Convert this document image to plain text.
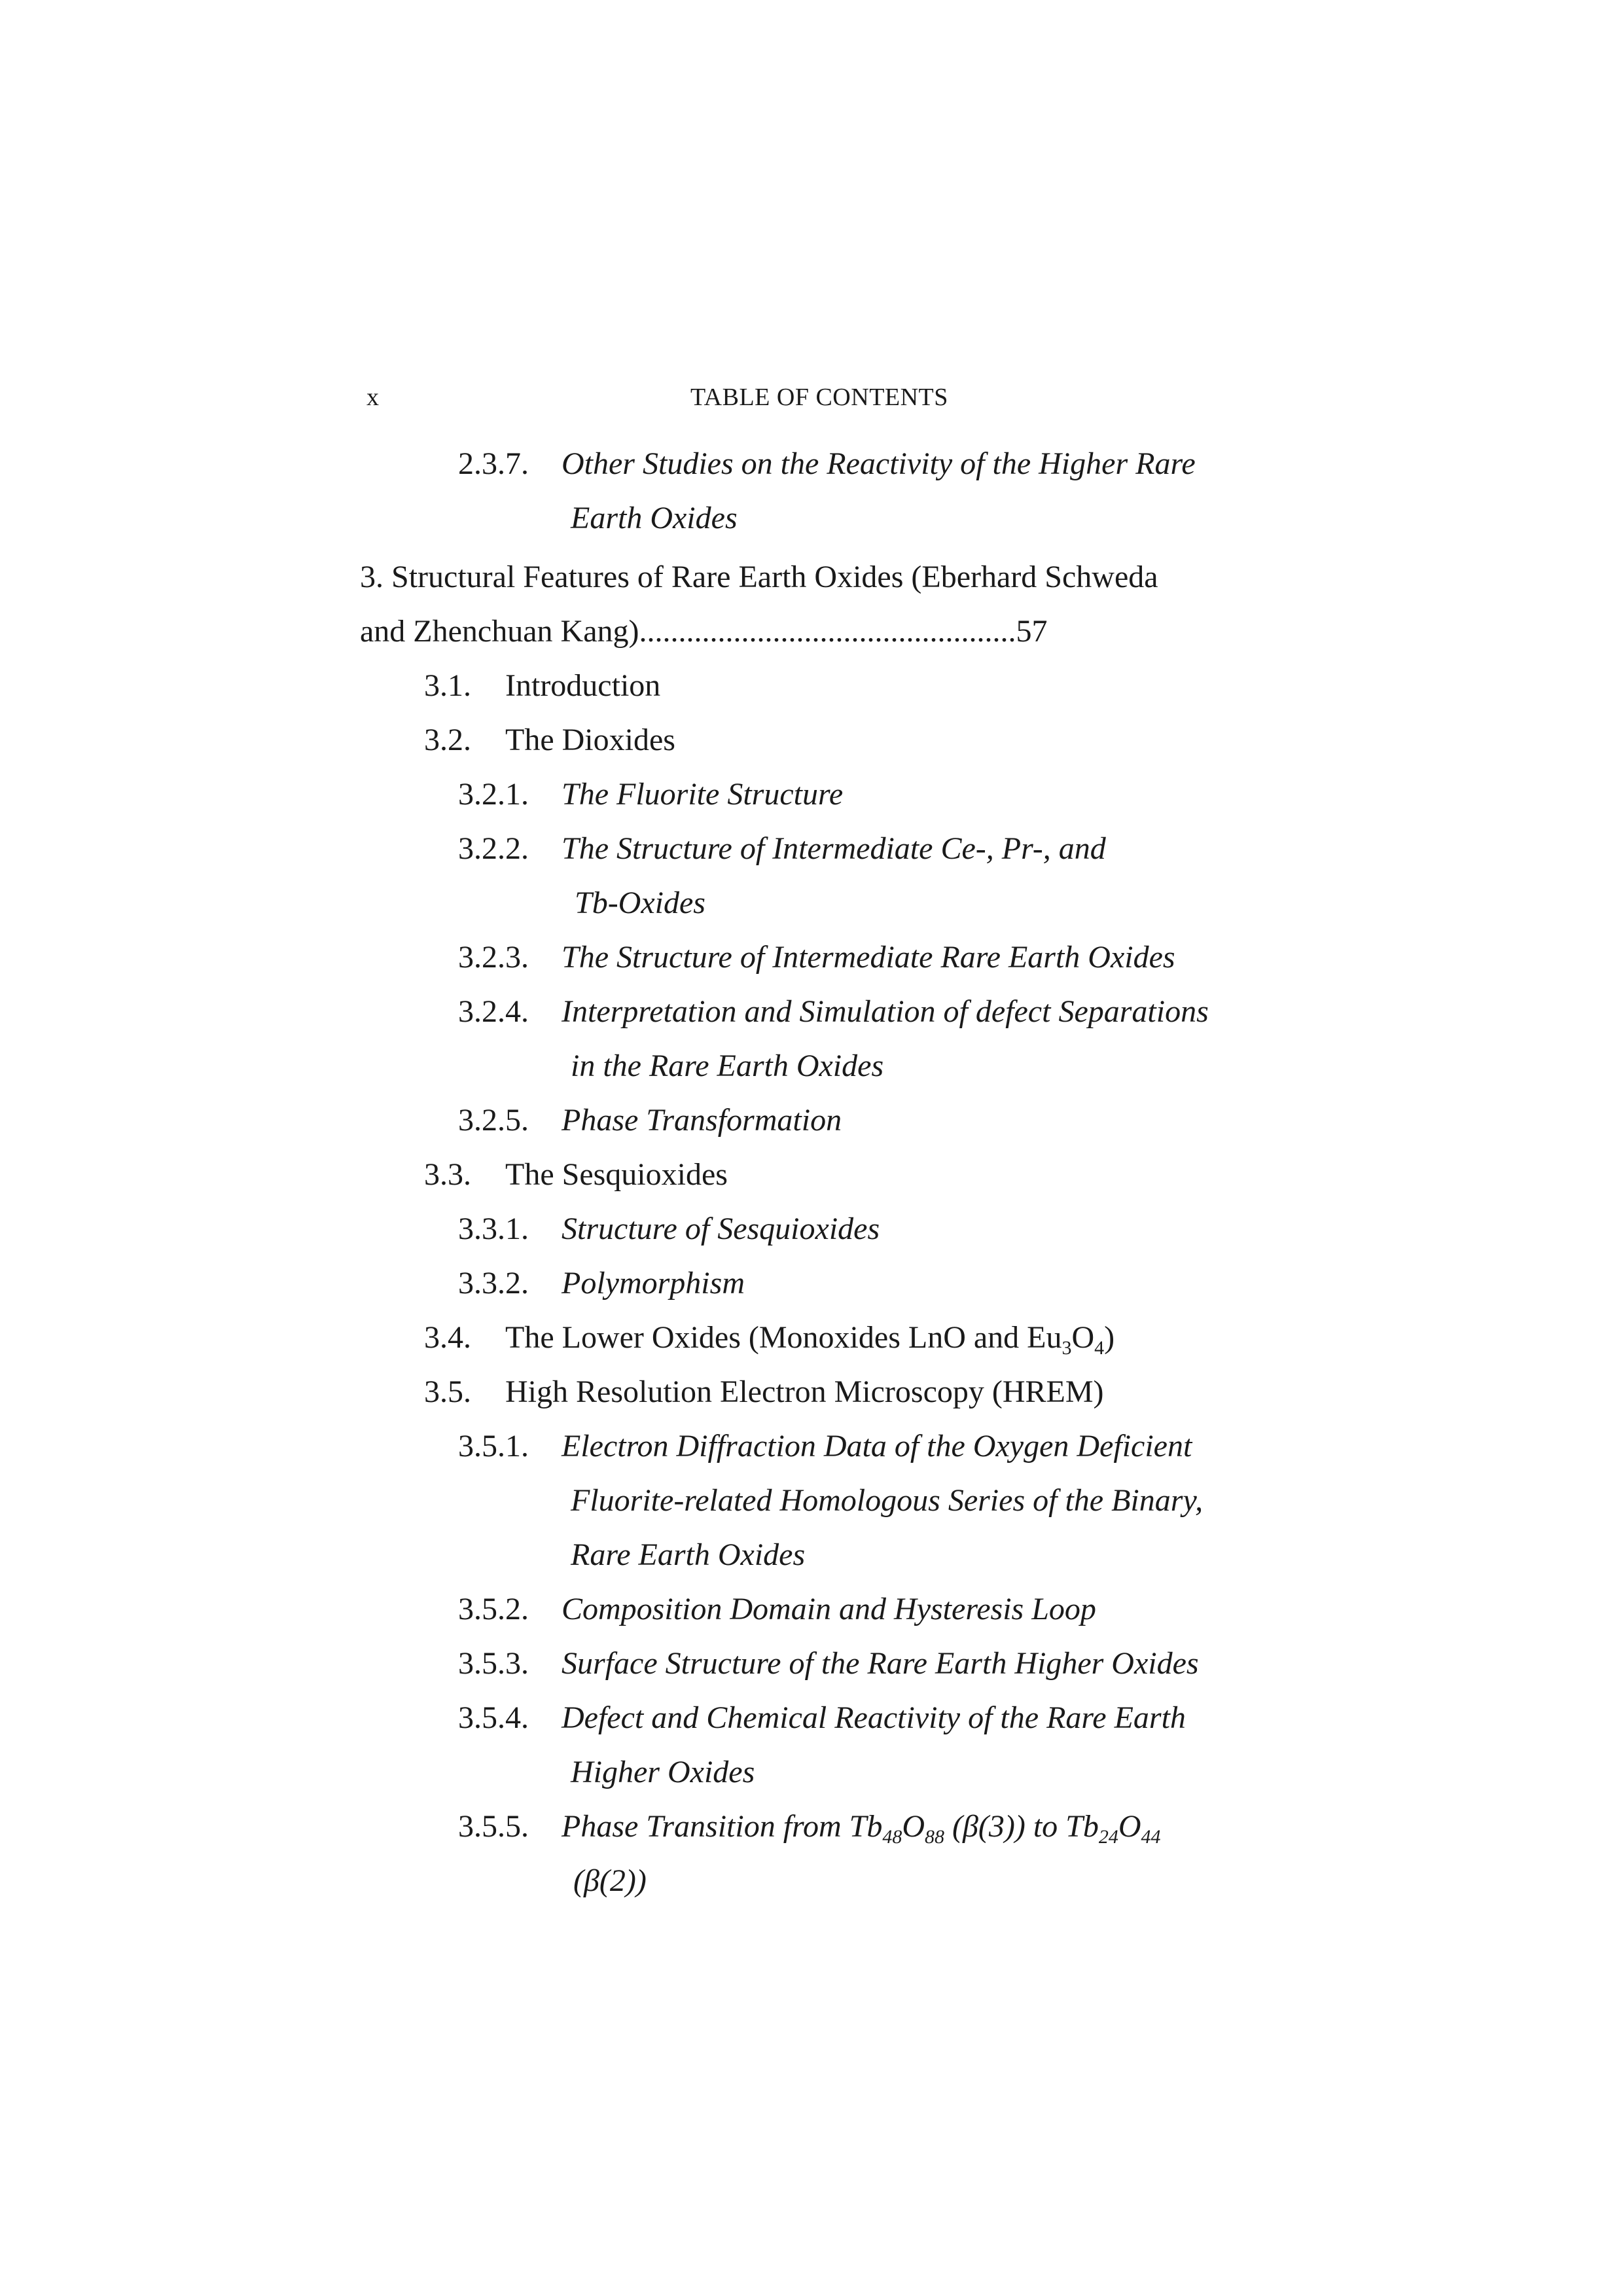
x	TABLE OF CONTENTS
2.3.7. Other Studies on the Reactivity of the Higher Rare
Earth Oxides
3. Structural Features of Rare Earth Oxides (Eberhard Schweda
and Zhenchuan Kang)................................................57
3.1. Introduction
3.2. The Dioxides
3.2.1. The Fluorite Structure
3.2.2. The Structure of Intermediate Ce-, Pr-, and
Tb-Oxides
3.2.3. The Structure of Intermediate Rare Earth Oxides
3.2.4. Interpretation and Simulation of defect Separations
in the Rare Earth Oxides
3.2.5. Phase Transformation
3.3. The Sesquioxides
3.3.1. Structure of Sesquioxides
3.3.2. Polymorphism
3.4. The Lower Oxides (Monoxides LnO and $Eu_3O_4$)
3.5. High Resolution Electron Microscopy (HREM)
3.5.1. Electron Diffraction Data of the Oxygen Deficient
Fluorite-related Homologous Series of the Binary,
Rare Earth Oxides
3.5.2. Composition Domain and Hysteresis Loop
3.5.3. Surface Structure of the Rare Earth Higher Oxides
3.5.4. Defect and Chemical Reactivity of the Rare Earth
Higher Oxides
3.5.5. Phase Transition from $Tb_{48}O_{88}$ (β(3)) to $Tb_{24}O_{44}$
(β(2))
